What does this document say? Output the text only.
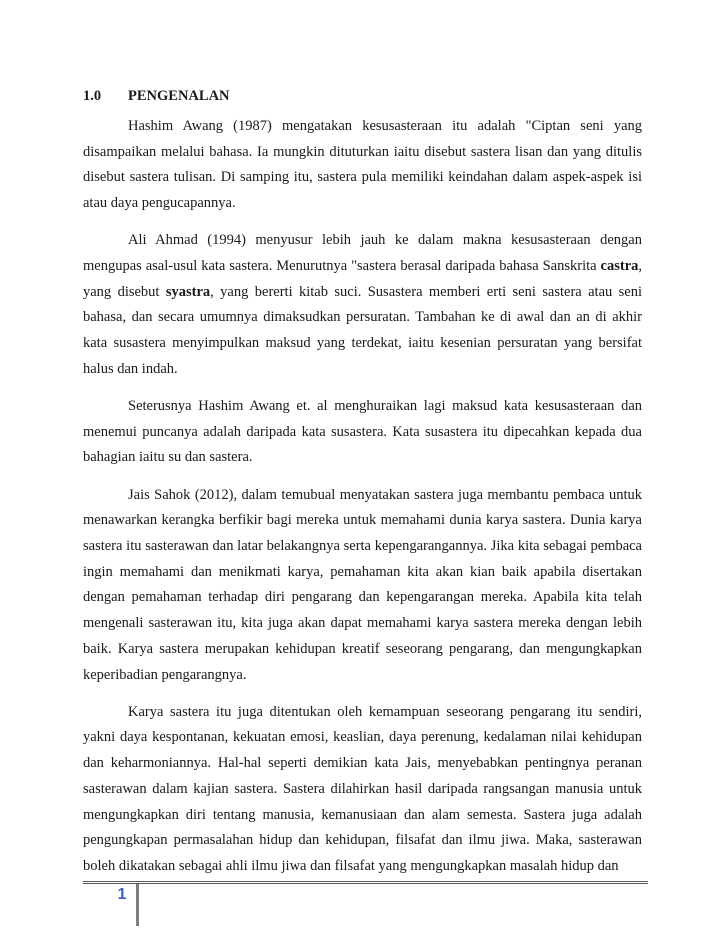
1.0 PENGENALAN

Hashim Awang (1987) mengatakan kesusasteraan itu adalah "Ciptan seni yang disampaikan melalui bahasa. Ia mungkin dituturkan iaitu disebut sastera lisan dan yang ditulis disebut sastera tulisan. Di samping itu, sastera pula memiliki keindahan dalam aspek-aspek isi atau daya pengucapannya.

Ali Ahmad (1994) menyusur lebih jauh ke dalam makna kesusasteraan dengan mengupas asal-usul kata sastera. Menurutnya "sastera berasal daripada bahasa Sanskrita castra, yang disebut syastra, yang bererti kitab suci. Susastera memberi erti seni sastera atau seni bahasa, dan secara umumnya dimaksudkan persuratan. Tambahan ke di awal dan an di akhir kata susastera menyimpulkan maksud yang terdekat, iaitu kesenian persuratan yang bersifat halus dan indah.

Seterusnya Hashim Awang et. al menghuraikan lagi maksud kata kesusasteraan dan menemui puncanya adalah daripada kata susastera. Kata susastera itu dipecahkan kepada dua bahagian iaitu su dan sastera.

Jais Sahok (2012), dalam temubual menyatakan sastera juga membantu pembaca untuk menawarkan kerangka berfikir bagi mereka untuk memahami dunia karya sastera. Dunia karya sastera itu sasterawan dan latar belakangnya serta kepengarangannya. Jika kita sebagai pembaca ingin memahami dan menikmati karya, pemahaman kita akan kian baik apabila disertakan dengan pemahaman terhadap diri pengarang dan kepengarangan mereka. Apabila kita telah mengenali sasterawan itu, kita juga akan dapat memahami karya sastera mereka dengan lebih baik. Karya sastera merupakan kehidupan kreatif seseorang pengarang, dan mengungkapkan keperibadian pengarangnya.

Karya sastera itu juga ditentukan oleh kemampuan seseorang pengarang itu sendiri, yakni daya kespontanan, kekuatan emosi, keaslian, daya perenung, kedalaman nilai kehidupan dan keharmoniannya. Hal-hal seperti demikian kata Jais, menyebabkan pentingnya peranan sasterawan dalam kajian sastera. Sastera dilahirkan hasil daripada rangsangan manusia untuk mengungkapkan diri tentang manusia, kemanusiaan dan alam semesta. Sastera juga adalah pengungkapan permasalahan hidup dan kehidupan, filsafat dan ilmu jiwa. Maka, sasterawan boleh dikatakan sebagai ahli ilmu jiwa dan filsafat yang mengungkapkan masalah hidup dan

1
